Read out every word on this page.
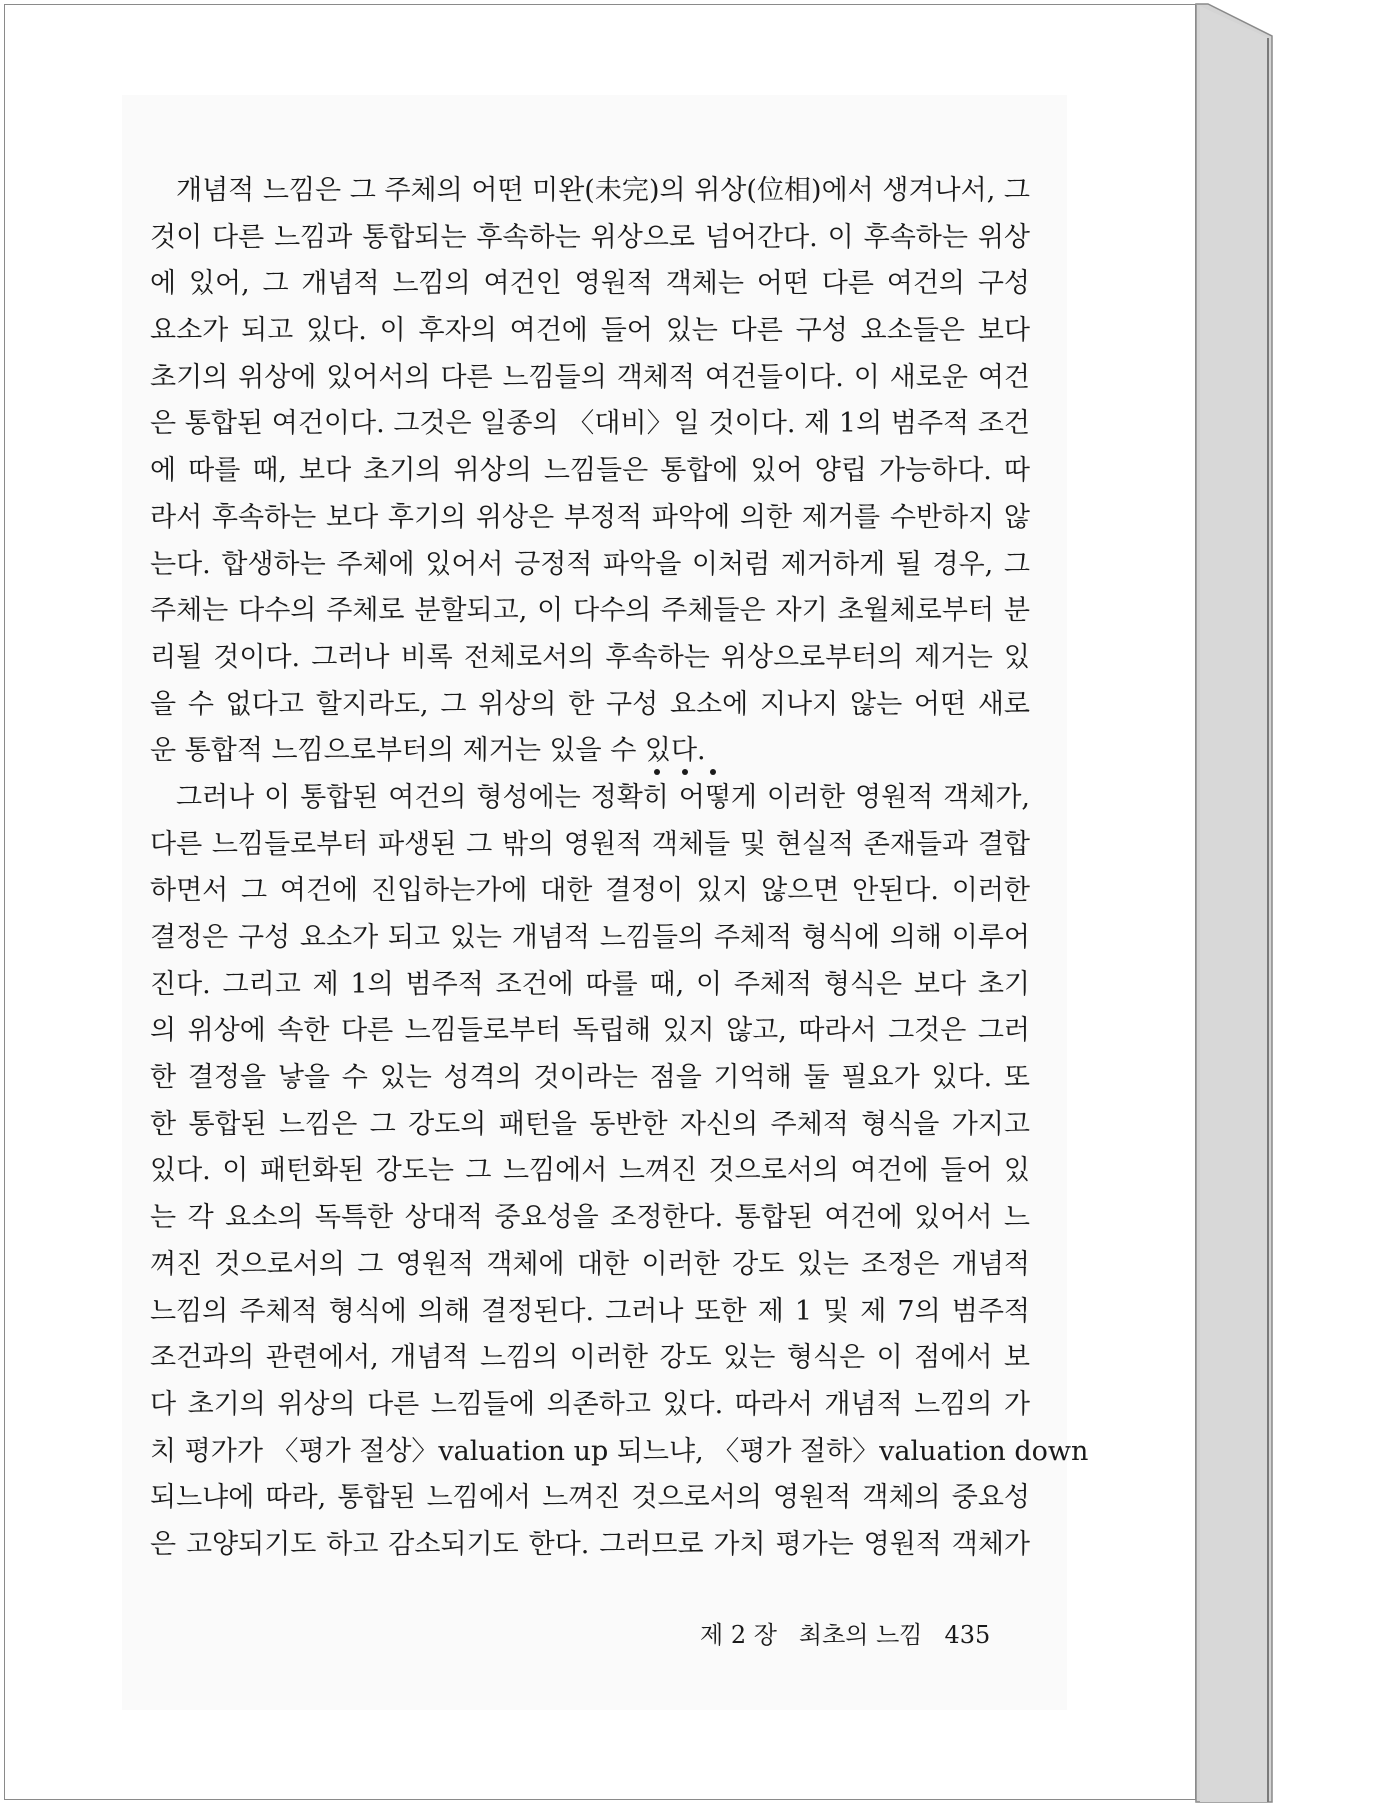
개념적 느낌은 그 주체의 어떤 미완(未完)의 위상(位相)에서 생겨나서, 그
것이 다른 느낌과 통합되는 후속하는 위상으로 넘어간다. 이 후속하는 위상
에 있어, 그 개념적 느낌의 여건인 영원적 객체는 어떤 다른 여건의 구성
요소가 되고 있다. 이 후자의 여건에 들어 있는 다른 구성 요소들은 보다
초기의 위상에 있어서의 다른 느낌들의 객체적 여건들이다. 이 새로운 여건
은 통합된 여건이다. 그것은 일종의 〈대비〉일 것이다. 제 1의 범주적 조건
에 따를 때, 보다 초기의 위상의 느낌들은 통합에 있어 양립 가능하다. 따
라서 후속하는 보다 후기의 위상은 부정적 파악에 의한 제거를 수반하지 않
는다. 합생하는 주체에 있어서 긍정적 파악을 이처럼 제거하게 될 경우, 그
주체는 다수의 주체로 분할되고, 이 다수의 주체들은 자기 초월체로부터 분
리될 것이다. 그러나 비록 전체로서의 후속하는 위상으로부터의 제거는 있
을 수 없다고 할지라도, 그 위상의 한 구성 요소에 지나지 않는 어떤 새로
운 통합적 느낌으로부터의 제거는 있을 수 있다.
그러나 이 통합된 여건의 형성에는 정확히 어떻게 이러한 영원적 객체가,
다른 느낌들로부터 파생된 그 밖의 영원적 객체들 및 현실적 존재들과 결합
하면서 그 여건에 진입하는가에 대한 결정이 있지 않으면 안된다. 이러한
결정은 구성 요소가 되고 있는 개념적 느낌들의 주체적 형식에 의해 이루어
진다. 그리고 제 1의 범주적 조건에 따를 때, 이 주체적 형식은 보다 초기
의 위상에 속한 다른 느낌들로부터 독립해 있지 않고, 따라서 그것은 그러
한 결정을 낳을 수 있는 성격의 것이라는 점을 기억해 둘 필요가 있다. 또
한 통합된 느낌은 그 강도의 패턴을 동반한 자신의 주체적 형식을 가지고
있다. 이 패턴화된 강도는 그 느낌에서 느껴진 것으로서의 여건에 들어 있
는 각 요소의 독특한 상대적 중요성을 조정한다. 통합된 여건에 있어서 느
껴진 것으로서의 그 영원적 객체에 대한 이러한 강도 있는 조정은 개념적
느낌의 주체적 형식에 의해 결정된다. 그러나 또한 제 1 및 제 7의 범주적
조건과의 관련에서, 개념적 느낌의 이러한 강도 있는 형식은 이 점에서 보
다 초기의 위상의 다른 느낌들에 의존하고 있다. 따라서 개념적 느낌의 가
치 평가가 〈평가 절상〉valuation up 되느냐, 〈평가 절하〉valuation down
되느냐에 따라, 통합된 느낌에서 느껴진 것으로서의 영원적 객체의 중요성
은 고양되기도 하고 감소되기도 한다. 그러므로 가치 평가는 영원적 객체가
제 2 장 최초의 느낌 435
